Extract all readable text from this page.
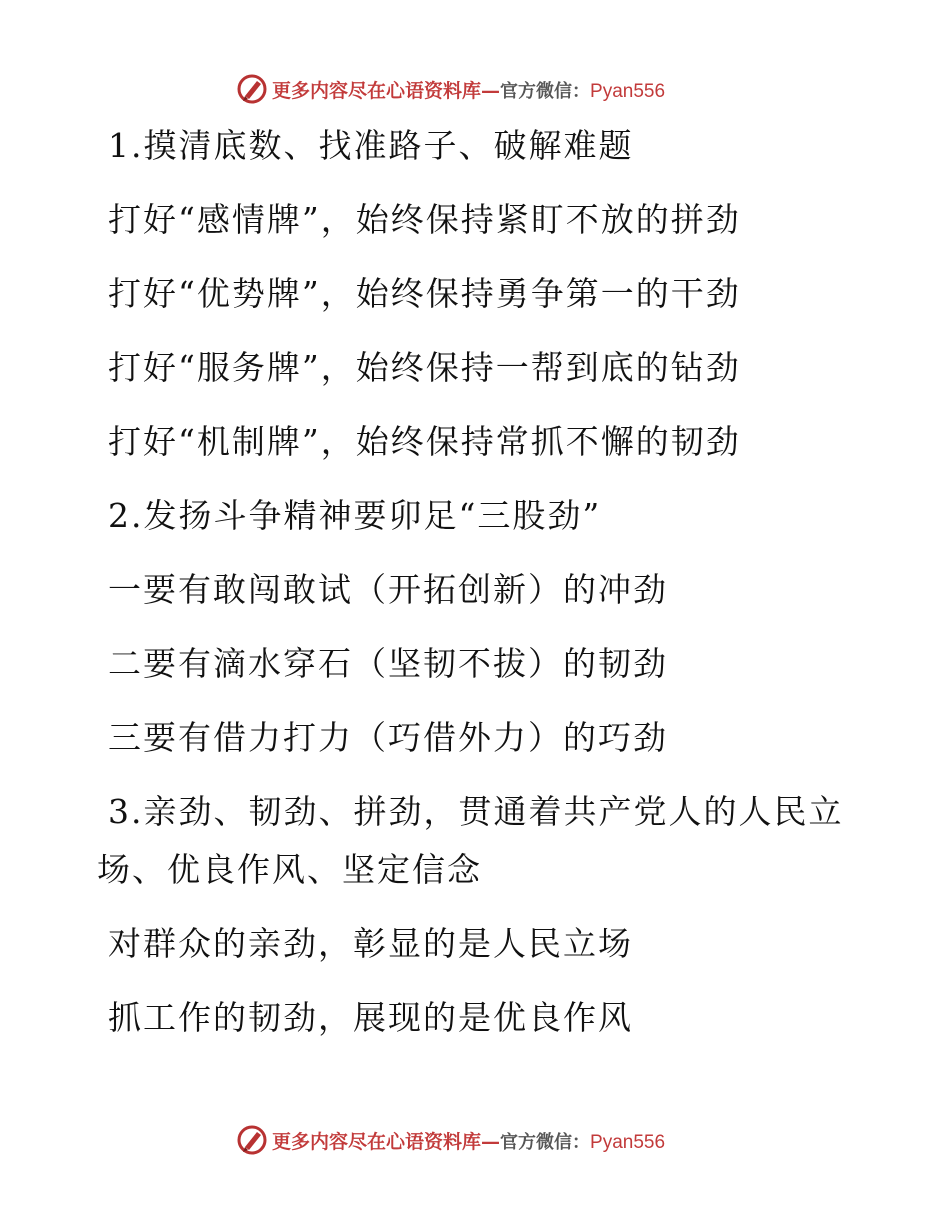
更多内容尽在心语资料库—官方微信：Pyan556
1.摸清底数、找准路子、破解难题
打好“感情牌”，始终保持紧盯不放的拼劲
打好“优势牌”，始终保持勇争第一的干劲
打好“服务牌”，始终保持一帮到底的钻劲
打好“机制牌”，始终保持常抓不懈的韧劲
2.发扬斗争精神要卯足“三股劲”
一要有敢闯敢试（开拓创新）的冲劲
二要有滴水穿石（坚韧不拔）的韧劲
三要有借力打力（巧借外力）的巧劲
3.亲劲、韧劲、拼劲，贯通着共产党人的人民立
场、优良作风、坚定信念
对群众的亲劲，彰显的是人民立场
抓工作的韧劲，展现的是优良作风
更多内容尽在心语资料库—官方微信：Pyan556
